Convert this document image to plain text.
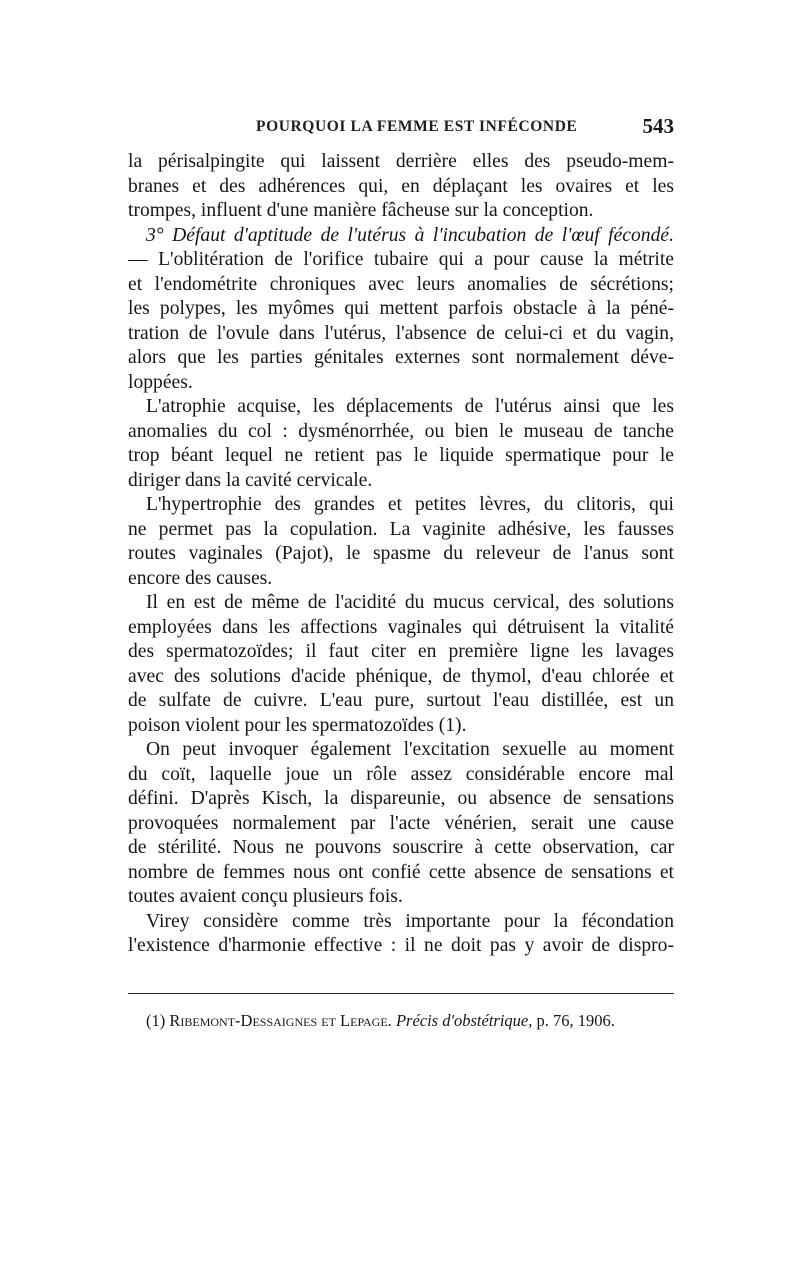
POURQUOI LA FEMME EST INFÉCONDE	543
la périsalpingite qui laissent derrière elles des pseudo-mem-
branes et des adhérences qui, en déplaçant les ovaires et les
trompes, influent d'une manière fâcheuse sur la conception.
3° Défaut d'aptitude de l'utérus à l'incubation de l'œuf fécondé.
— L'oblitération de l'orifice tubaire qui a pour cause la métrite
et l'endométrite chroniques avec leurs anomalies de sécrétions;
les polypes, les myômes qui mettent parfois obstacle à la péné-
tration de l'ovule dans l'utérus, l'absence de celui-ci et du vagin,
alors que les parties génitales externes sont normalement déve-
loppées.
L'atrophie acquise, les déplacements de l'utérus ainsi que les
anomalies du col : dysménorrhée, ou bien le museau de tanche
trop béant lequel ne retient pas le liquide spermatique pour le
diriger dans la cavité cervicale.
L'hypertrophie des grandes et petites lèvres, du clitoris, qui
ne permet pas la copulation. La vaginite adhésive, les fausses
routes vaginales (Pajot), le spasme du releveur de l'anus sont
encore des causes.
Il en est de même de l'acidité du mucus cervical, des solutions
employées dans les affections vaginales qui détruisent la vitalité
des spermatozoïdes; il faut citer en première ligne les lavages
avec des solutions d'acide phénique, de thymol, d'eau chlorée et
de sulfate de cuivre. L'eau pure, surtout l'eau distillée, est un
poison violent pour les spermatozoïdes (1).
On peut invoquer également l'excitation sexuelle au moment
du coït, laquelle joue un rôle assez considérable encore mal
défini. D'après Kisch, la dispareunie, ou absence de sensations
provoquées normalement par l'acte vénérien, serait une cause
de stérilité. Nous ne pouvons souscrire à cette observation, car
nombre de femmes nous ont confié cette absence de sensations et
toutes avaient conçu plusieurs fois.
Virey considère comme très importante pour la fécondation
l'existence d'harmonie effective : il ne doit pas y avoir de dispro-
(1) Ribemont-Dessaignes et Lepage. Précis d'obstétrique, p. 76, 1906.
